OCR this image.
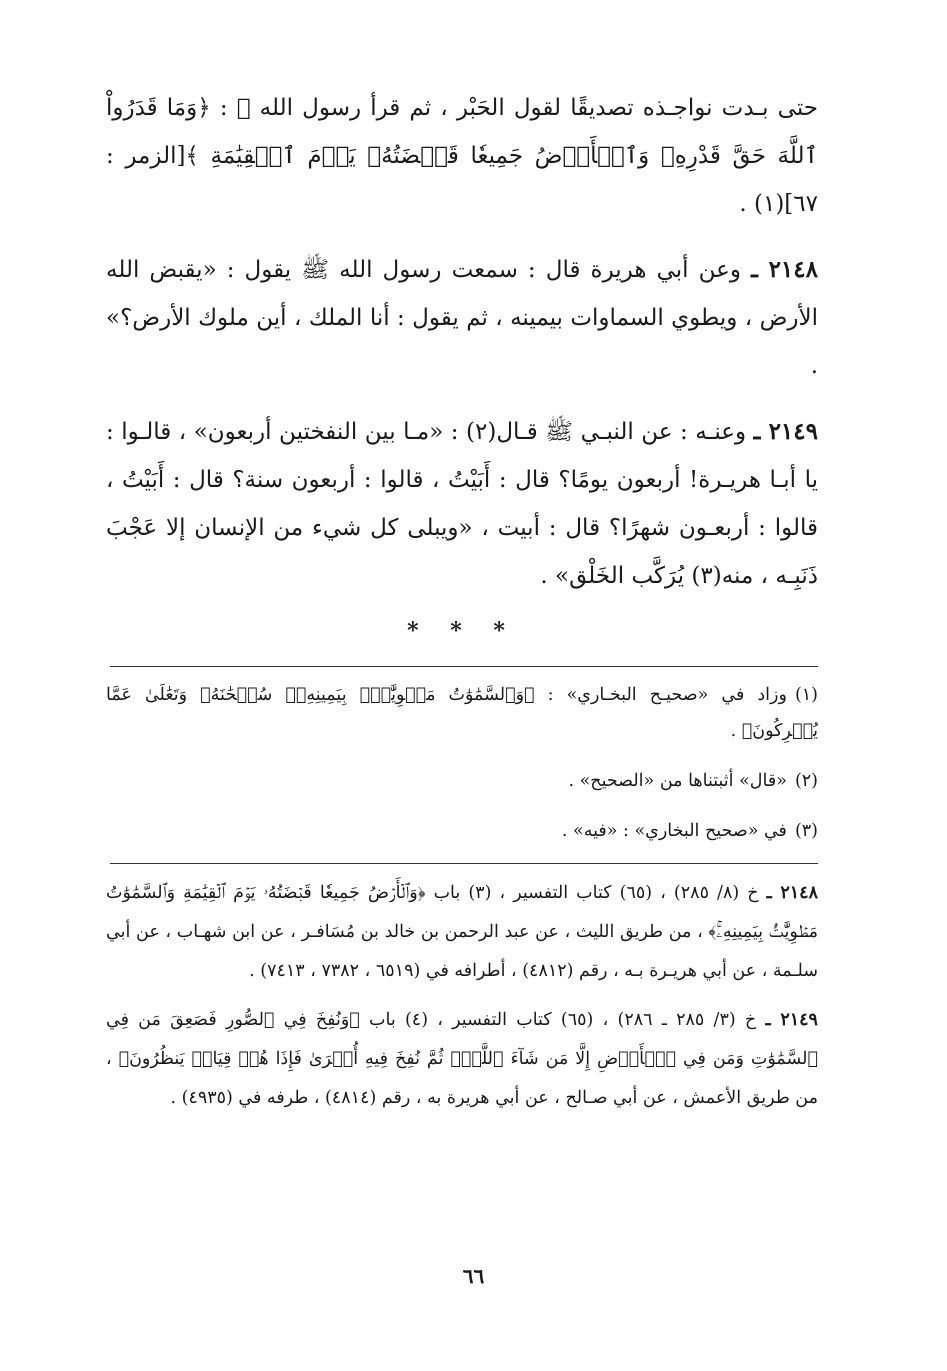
حتى بـدت نواجـذه تصديقًا لقول الحَبْر ، ثم قرأ رسول الله ﷺ : ﴿وَمَا قَدَرُواْ ٱللَّهَ حَقَّ قَدْرِهِۦ وَٱلۡأَرۡضُ جَمِيعٗا قَبۡضَتُهُۥ يَوۡمَ ٱلۡقِيَٰمَةِ ﴾[الزمر : ٦٧](١) .

٢١٤٨ ـ وعن أبي هريرة قال : سمعت رسول الله ﷺ يقول : «يقبض الله الأرض ، ويطوي السماوات بيمينه ، ثم يقول : أنا الملك ، أين ملوك الأرض؟» .

٢١٤٩ ـ وعنـه : عن النبـي ﷺ قـال(٢) : «مـا بين النفختين أربعون» ، قالـوا : يا أبـا هريـرة! أربعون يومًا؟ قال : أَبَيْتُ ، قالوا : أربعون سنة؟ قال : أَبَيْتُ ، قالوا : أربعـون شهرًا؟ قال : أبيت ، «ويبلى كل شيء من الإنسان إلا عَجْبَ ذَنَبِـه ، منه(٣) يُرَكَّب الخَلْق» .

* * *

(١)وزاد في «صحيـح البخـاري» : ﴿وَٱلسَّمَٰوَٰتُ مَطۡوِيَّٰتُۢ بِيَمِينِهِۦۚ سُبۡحَٰنَهُۥ وَتَعَٰلَىٰ عَمَّا يُشۡرِكُونَ﴾ .

(٢)«قال» أثبتناها من «الصحيح» .

(٣)في «صحيح البخاري» : «فيه» .

٢١٤٨ ـ خ (٨/ ٢٨٥) ، (٦٥) كتاب التفسير ، (٣) باب ﴿وَٱلۡأَرۡضُ جَمِيعٗا قَبۡضَتُهُۥ يَوۡمَ ٱلۡقِيَٰمَةِ وَٱلسَّمَٰوَٰتُ مَطۡوِيَّٰتُۢ بِيَمِينِهِۦۚ﴾ ، من طريق الليث ، عن عبد الرحمن بن خالد بن مُسَافـر ، عن ابن شهـاب ، عن أبي سلـمة ، عن أبي هريـرة بـه ، رقم (٤٨١٢) ، أطرافه في (٦٥١٩ ، ٧٣٨٢ ، ٧٤١٣) .

٢١٤٩ ـ خ (٣/ ٢٨٥ ـ ٢٨٦) ، (٦٥) كتاب التفسير ، (٤) باب ﴿وَنُفِخَ فِي ٱلصُّورِ فَصَعِقَ مَن فِي ٱلسَّمَٰوَٰتِ وَمَن فِي ٱلۡأَرۡضِ إِلَّا مَن شَآءَ ٱللَّهُۖ ثُمَّ نُفِخَ فِيهِ أُخۡرَىٰ فَإِذَا هُمۡ قِيَامٞ يَنظُرُونَ﴾ ، من طريق الأعمش ، عن أبي صـالح ، عن أبي هريرة به ، رقم (٤٨١٤) ، طرفه في (٤٩٣٥) .

٦٦
